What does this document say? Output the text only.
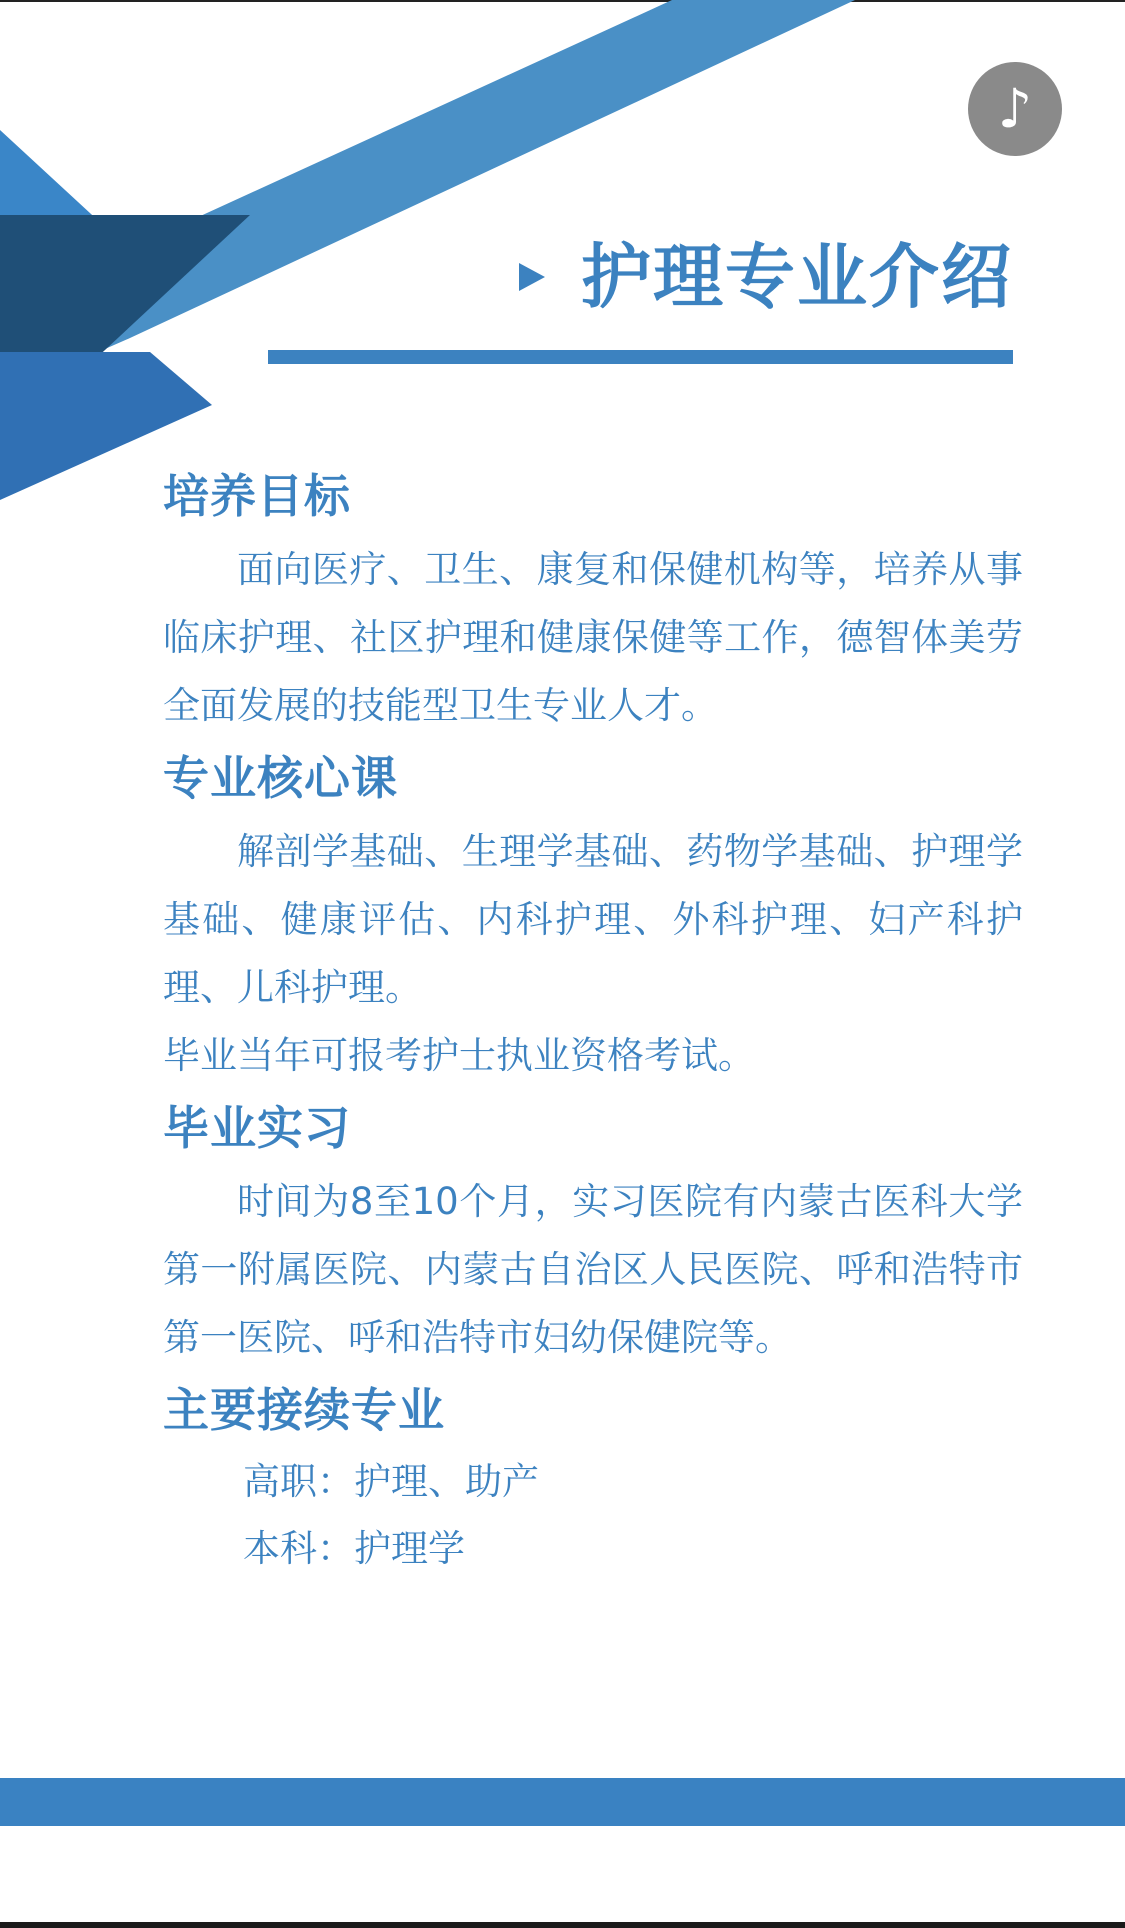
♪
护理专业介绍
培养目标

面向医疗、卫生、康复和保健机构等，培养从事临床护理、社区护理和健康保健等工作，德智体美劳全面发展的技能型卫生专业人才。

专业核心课

解剖学基础、生理学基础、药物学基础、护理学基础、健康评估、内科护理、外科护理、妇产科护理、儿科护理。

毕业当年可报考护士执业资格考试。

毕业实习

时间为8至10个月，实习医院有内蒙古医科大学第一附属医院、内蒙古自治区人民医院、呼和浩特市第一医院、呼和浩特市妇幼保健院等。

主要接续专业
高职：护理、助产
本科：护理学
